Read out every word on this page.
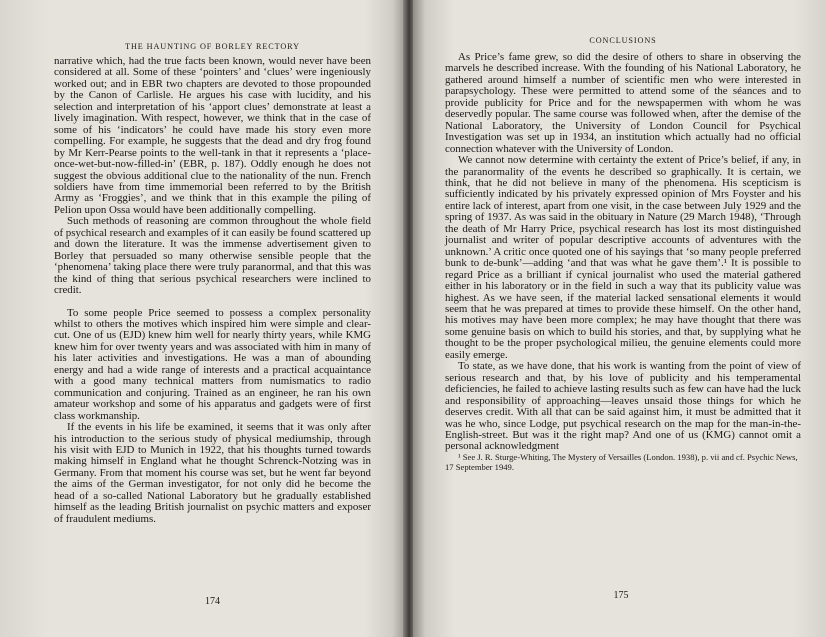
THE HAUNTING OF BORLEY RECTORY

narrative which, had the true facts been known, would never have been considered at all. Some of these ‘pointers’ and ‘clues’ were ingeniously worked out; and in EBR two chapters are devoted to those propounded by the Canon of Carlisle. He argues his case with lucidity, and his selection and interpretation of his ‘apport clues’ demonstrate at least a lively imagination. With respect, however, we think that in the case of some of his ‘indicators’ he could have made his story even more compelling. For example, he suggests that the dead and dry frog found by Mr Kerr-Pearse points to the well-tank in that it represents a ‘place-once-wet-but-now-filled-in’ (EBR, p. 187). Oddly enough he does not suggest the obvious additional clue to the nationality of the nun. French soldiers have from time immemorial been referred to by the British Army as ‘Froggies’, and we think that in this example the piling of Pelion upon Ossa would have been additionally compelling.

Such methods of reasoning are common throughout the whole field of psychical research and examples of it can easily be found scattered up and down the literature. It was the immense advertisement given to Borley that persuaded so many otherwise sensible people that the ‘phenomena’ taking place there were truly paranormal, and that this was the kind of thing that serious psychical researchers were inclined to credit.

To some people Price seemed to possess a complex personality whilst to others the motives which inspired him were simple and clear-cut. One of us (EJD) knew him well for nearly thirty years, while KMG knew him for over twenty years and was associated with him in many of his later activities and investigations. He was a man of abounding energy and had a wide range of interests and a practical acquaintance with a good many technical matters from numismatics to radio communication and conjuring. Trained as an engineer, he ran his own amateur workshop and some of his apparatus and gadgets were of first class workmanship.

If the events in his life be examined, it seems that it was only after his introduction to the serious study of physical mediumship, through his visit with EJD to Munich in 1922, that his thoughts turned towards making himself in England what he thought Schrenck-Notzing was in Germany. From that moment his course was set, but he went far beyond the aims of the German investigator, for not only did he become the head of a so-called National Laboratory but he gradually established himself as the leading British journalist on psychic matters and exposer of fraudulent mediums.

174
CONCLUSIONS

As Price’s fame grew, so did the desire of others to share in observing the marvels he described increase. With the founding of his National Laboratory, he gathered around himself a number of scientific men who were interested in parapsychology. These were permitted to attend some of the séances and to provide publicity for Price and for the newspapermen with whom he was deservedly popular. The same course was followed when, after the demise of the National Laboratory, the University of London Council for Psychical Investigation was set up in 1934, an institution which actually had no official connection whatever with the University of London.

We cannot now determine with certainty the extent of Price’s belief, if any, in the paranormality of the events he described so graphically. It is certain, we think, that he did not believe in many of the phenomena. His scepticism is sufficiently indicated by his privately expressed opinion of Mrs Foyster and his entire lack of interest, apart from one visit, in the case between July 1929 and the spring of 1937. As was said in the obituary in Nature (29 March 1948), ‘Through the death of Mr Harry Price, psychical research has lost its most distinguished journalist and writer of popular descriptive accounts of adventures with the unknown.’ A critic once quoted one of his sayings that ‘so many people preferred bunk to de-bunk’—adding ‘and that was what he gave them’.¹ It is possible to regard Price as a brilliant if cynical journalist who used the material gathered either in his laboratory or in the field in such a way that its publicity value was highest. As we have seen, if the material lacked sensational elements it would seem that he was prepared at times to provide these himself. On the other hand, his motives may have been more complex; he may have thought that there was some genuine basis on which to build his stories, and that, by supplying what he thought to be the proper psychological milieu, the genuine elements could more easily emerge.

To state, as we have done, that his work is wanting from the point of view of serious research and that, by his love of publicity and his temperamental deficiencies, he failed to achieve lasting results such as few can have had the luck and responsibility of approaching—leaves unsaid those things for which he deserves credit. With all that can be said against him, it must be admitted that it was he who, since Lodge, put psychical research on the map for the man-in-the-English-street. But was it the right map? And one of us (KMG) cannot omit a personal acknowledgment

¹ See J. R. Sturge-Whiting, The Mystery of Versailles (London. 1938), p. vii and cf. Psychic News, 17 September 1949.

175
